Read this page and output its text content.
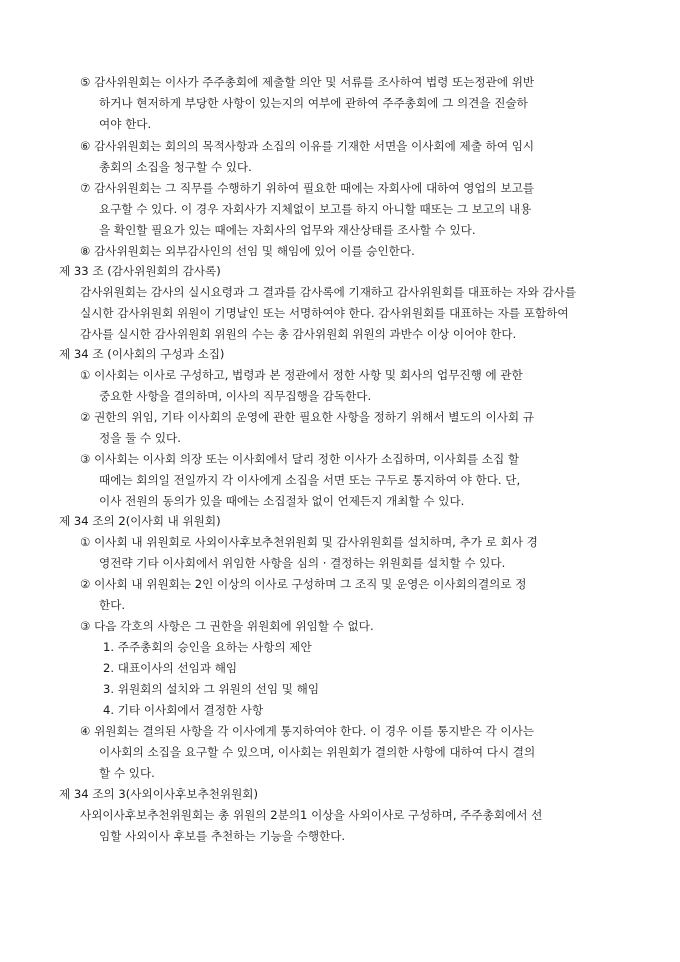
⑤ 감사위원회는 이사가 주주총회에 제출할 의안 및 서류를 조사하여 법령 또는정관에 위반
하거나 현저하게 부당한 사항이 있는지의 여부에 관하여 주주총회에 그 의견을 진술하
여야 한다.
⑥ 감사위원회는 회의의 목적사항과 소집의 이유를 기재한 서면을 이사회에 제출 하여 임시
총회의 소집을 청구할 수 있다.
⑦ 감사위원회는 그 직무를 수행하기 위하여 필요한 때에는 자회사에 대하여 영업의 보고를
요구할 수 있다. 이 경우 자회사가 지체없이 보고를 하지 아니할 때또는 그 보고의 내용
을 확인할 필요가 있는 때에는 자회사의 업무와 재산상태를 조사할 수 있다.
⑧ 감사위원회는 외부감사인의 선임 및 해임에 있어 이를 승인한다.
제 33 조 (감사위원회의 감사록)
감사위원회는 감사의 실시요령과 그 결과를 감사록에 기재하고 감사위원회를 대표하는 자와 감사를
실시한 감사위원회 위원이 기명날인 또는 서명하여야 한다. 감사위원회를 대표하는 자를 포함하여
감사를 실시한 감사위원회 위원의 수는 총 감사위원회 위원의 과반수 이상 이어야 한다.
제 34 조 (이사회의 구성과 소집)
① 이사회는 이사로 구성하고, 법령과 본 정관에서 정한 사항 및 회사의 업무진행 에 관한
중요한 사항을 결의하며, 이사의 직무집행을 감독한다.
② 권한의 위임, 기타 이사회의 운영에 관한 필요한 사항을 정하기 위해서 별도의 이사회 규
정을 둘 수 있다.
③ 이사회는 이사회 의장 또는 이사회에서 달리 정한 이사가 소집하며, 이사회를 소집 할
때에는 회의일 전일까지 각 이사에게 소집을 서면 또는 구두로 통지하여 야 한다. 단,
이사 전원의 동의가 있을 때에는 소집절차 없이 언제든지 개최할 수 있다.
제 34 조의 2(이사회 내 위원회)
① 이사회 내 위원회로 사외이사후보추천위원회 및 감사위원회를 설치하며, 추가 로 회사 경
영전략 기타 이사회에서 위임한 사항을 심의 · 결정하는 위원회를 설치할 수 있다.
② 이사회 내 위원회는 2인 이상의 이사로 구성하며 그 조직 및 운영은 이사회의결의로 정
한다.
③ 다음 각호의 사항은 그 권한을 위원회에 위임할 수 없다.
1. 주주총회의 승인을 요하는 사항의 제안
2. 대표이사의 선임과 해임
3. 위원회의 설치와 그 위원의 선임 및 해임
4. 기타 이사회에서 결정한 사항
④ 위원회는 결의된 사항을 각 이사에게 통지하여야 한다. 이 경우 이를 통지받은 각 이사는
이사회의 소집을 요구할 수 있으며, 이사회는 위원회가 결의한 사항에 대하여 다시 결의
할 수 있다.
제 34 조의 3(사외이사후보추천위원회)
사외이사후보추천위원회는 총 위원의 2분의1 이상을 사외이사로 구성하며, 주주총회에서 선
임할 사외이사 후보를 추천하는 기능을 수행한다.
